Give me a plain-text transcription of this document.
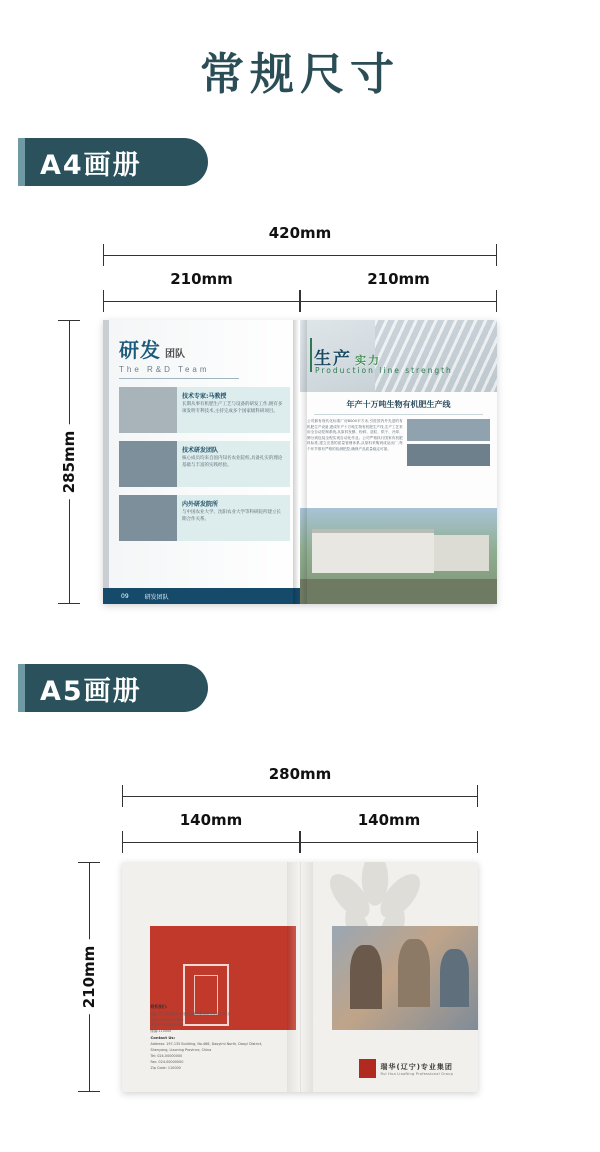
常规尺寸
A4画册
420mm
210mm	210mm
285mm
研发 团队
The R&D Team
技术专家:马教授
长期从事有机肥生产工艺与设备的研发工作,拥有多项发明专利技术,主持完成多个国家级科研项目。
技术研发团队
核心成员均来自国内知名农业院校,具备扎实的理论基础与丰富的实践经验。
内外研发院所
与中国农业大学、沈阳农业大学等科研院所建立长期合作关系。
09	研发团队
生产 实力
Production line strength
年产十万吨生物有机肥生产线
公司拥有现代化标准厂房8000平方米,引进国内外先进的有机肥生产设备,建成年产十万吨生物有机肥生产线,生产工艺采用全自动控制系统,从原料发酵、粉碎、造粒、烘干、冷却、筛分到包装全程实现自动化作业。公司严格执行国家有机肥料标准,建立完善的质量管理体系,从原料采购到成品出厂,每个环节都有严格的检测把控,确保产品质量稳定可靠。
A5画册
280mm
140mm	140mm
210mm	联系我们:
地址:辽宁省沈阳市沈北新区蒲河新城道义经济开发区
电话:024-00000000
传真:024-00000000
邮编:110000
Contact Us:
Address: 197-135 Building, No.486, Daoyimi North, Daoyi District,
Shenyang, Liaoning Province, China
Tel: 024-00000000
Fax: 024-00000000
Zip Code: 110000	瑞华(辽宁)专业集团
Rui Hua LiaoNing Professional Group
